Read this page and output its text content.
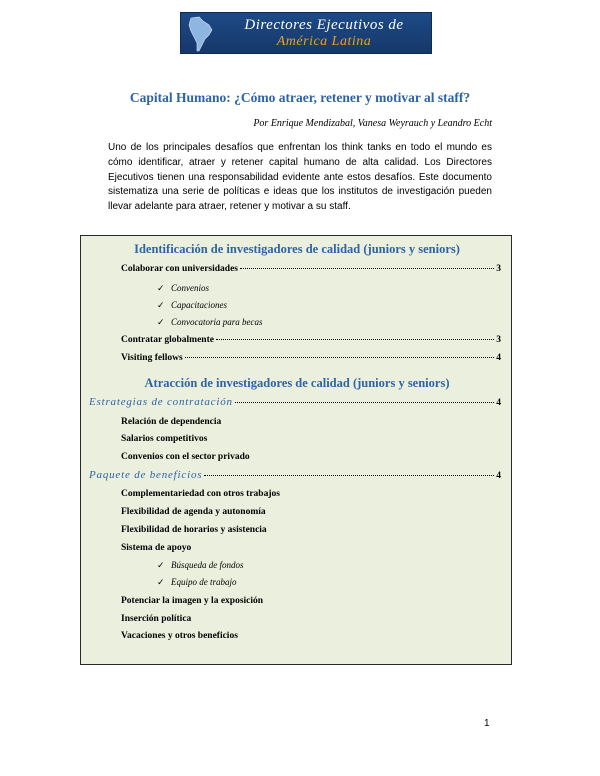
Directores Ejecutivos de
América Latina
Capital Humano: ¿Cómo atraer, retener y motivar al staff?
Por Enrique Mendizabal, Vanesa Weyrauch y Leandro Echt
Uno de los principales desafíos que enfrentan los think tanks en todo el mundo es cómo identificar, atraer y retener capital humano de alta calidad. Los Directores Ejecutivos tienen una responsabilidad evidente ante estos desafíos. Este documento sistematiza una serie de políticas e ideas que los institutos de investigación pueden llevar adelante para atraer, retener y motivar a su staff.
Identificación de investigadores de calidad (juniors y seniors)
Colaborar con universidades	3
✓ Convenios
✓ Capacitaciones
✓ Convocatoria para becas
Contratar globalmente	3
Visiting fellows	4
Atracción de investigadores de calidad (juniors y seniors)
Estrategias de contratación	4
Relación de dependencia
Salarios competitivos
Convenios con el sector privado
Paquete de beneficios	4
Complementariedad con otros trabajos
Flexibilidad de agenda y autonomía
Flexibilidad de horarios y asistencia
Sistema de apoyo
✓ Búsqueda de fondos
✓ Equipo de trabajo
Potenciar la imagen y la exposición
Inserción política
Vacaciones y otros beneficios
1
